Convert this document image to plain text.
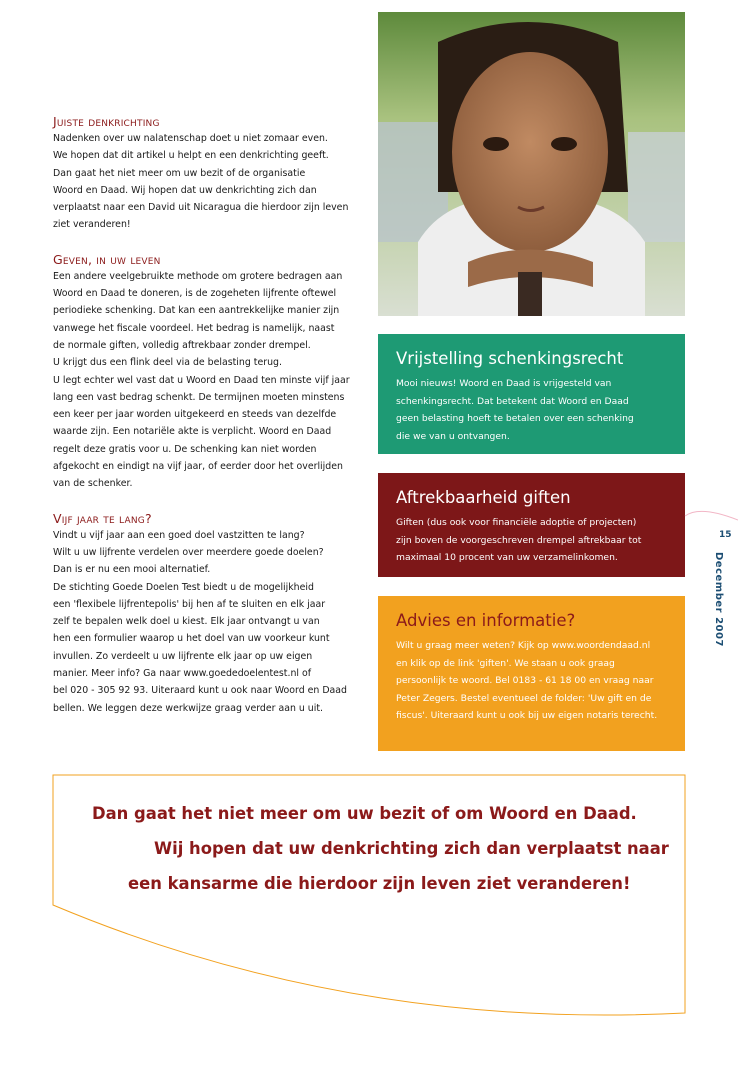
Juiste denkrichting

Nadenken over uw nalatenschap doet u niet zomaar even.
We hopen dat dit artikel u helpt en een denkrichting geeft.
Dan gaat het niet meer om uw bezit of de organisatie
Woord en Daad. Wij hopen dat uw denkrichting zich dan
verplaatst naar een David uit Nicaragua die hierdoor zijn leven
ziet veranderen!

Geven, in uw leven

Een andere veelgebruikte methode om grotere bedragen aan
Woord en Daad te doneren, is de zogeheten lijfrente oftewel
periodieke schenking. Dat kan een aantrekkelijke manier zijn
vanwege het fiscale voordeel. Het bedrag is namelijk, naast
de normale giften, volledig aftrekbaar zonder drempel.
U krijgt dus een flink deel via de belasting terug.
U legt echter wel vast dat u Woord en Daad ten minste vijf jaar
lang een vast bedrag schenkt. De termijnen moeten minstens
een keer per jaar worden uitgekeerd en steeds van dezelfde
waarde zijn. Een notariële akte is verplicht. Woord en Daad
regelt deze gratis voor u. De schenking kan niet worden
afgekocht en eindigt na vijf jaar, of eerder door het overlijden
van de schenker.

Vijf jaar te lang?

Vindt u vijf jaar aan een goed doel vastzitten te lang?
Wilt u uw lijfrente verdelen over meerdere goede doelen?
Dan is er nu een mooi alternatief.
De stichting Goede Doelen Test biedt u de mogelijkheid
een 'flexibele lijfrentepolis' bij hen af te sluiten en elk jaar
zelf te bepalen welk doel u kiest. Elk jaar ontvangt u van
hen een formulier waarop u het doel van uw voorkeur kunt
invullen. Zo verdeelt u uw lijfrente elk jaar op uw eigen
manier. Meer info? Ga naar www.goededoelentest.nl of
bel 020 - 305 92 93. Uiteraard kunt u ook naar Woord en Daad
bellen. We leggen deze werkwijze graag verder aan u uit.

Vrijstelling schenkingsrecht

Mooi nieuws! Woord en Daad is vrijgesteld van
schenkingsrecht. Dat betekent dat Woord en Daad
geen belasting hoeft te betalen over een schenking
die we van u ontvangen.

Aftrekbaarheid giften

Giften (dus ook voor financiële adoptie of projecten)
zijn boven de voorgeschreven drempel aftrekbaar tot
maximaal 10 procent van uw verzamelinkomen.

Advies en informatie?

Wilt u graag meer weten? Kijk op www.woordendaad.nl
en klik op de link 'giften'. We staan u ook graag
persoonlijk te woord. Bel 0183 - 61 18 00 en vraag naar
Peter Zegers. Bestel eventueel de folder: 'Uw gift en de
fiscus'. Uiteraard kunt u ook bij uw eigen notaris terecht.

15
December 2007
Dan gaat het niet meer om uw bezit of om Woord en Daad.
Wij hopen dat uw denkrichting zich dan verplaatst naar
een kansarme die hierdoor zijn leven ziet veranderen!
